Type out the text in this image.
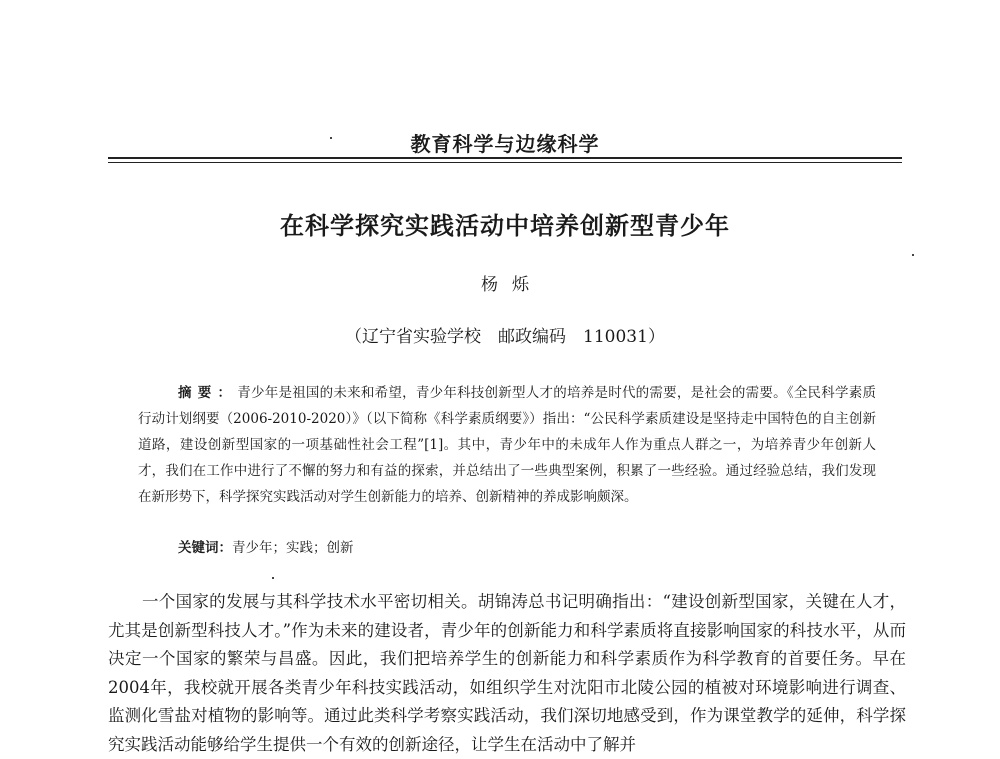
教育科学与边缘科学
在科学探究实践活动中培养创新型青少年
杨烁
（辽宁省实验学校　邮政编码　110031）
摘要：青少年是祖国的未来和希望，青少年科技创新型人才的培养是时代的需要，是社会的需要。《全民科学素质行动计划纲要（2006-2010-2020）》（以下简称《科学素质纲要》）指出：“公民科学素质建设是坚持走中国特色的自主创新道路，建设创新型国家的一项基础性社会工程”[1]。其中，青少年中的未成年人作为重点人群之一，为培养青少年创新人才，我们在工作中进行了不懈的努力和有益的探索，并总结出了一些典型案例，积累了一些经验。通过经验总结，我们发现在新形势下，科学探究实践活动对学生创新能力的培养、创新精神的养成影响颇深。
关键词：青少年；实践；创新
一个国家的发展与其科学技术水平密切相关。胡锦涛总书记明确指出：“建设创新型国家，关键在人才，尤其是创新型科技人才。”作为未来的建设者，青少年的创新能力和科学素质将直接影响国家的科技水平，从而决定一个国家的繁荣与昌盛。因此，我们把培养学生的创新能力和科学素质作为科学教育的首要任务。早在2004年，我校就开展各类青少年科技实践活动，如组织学生对沈阳市北陵公园的植被对环境影响进行调查、监测化雪盐对植物的影响等。通过此类科学考察实践活动，我们深切地感受到，作为课堂教学的延伸，科学探究实践活动能够给学生提供一个有效的创新途径，让学生在活动中了解并
